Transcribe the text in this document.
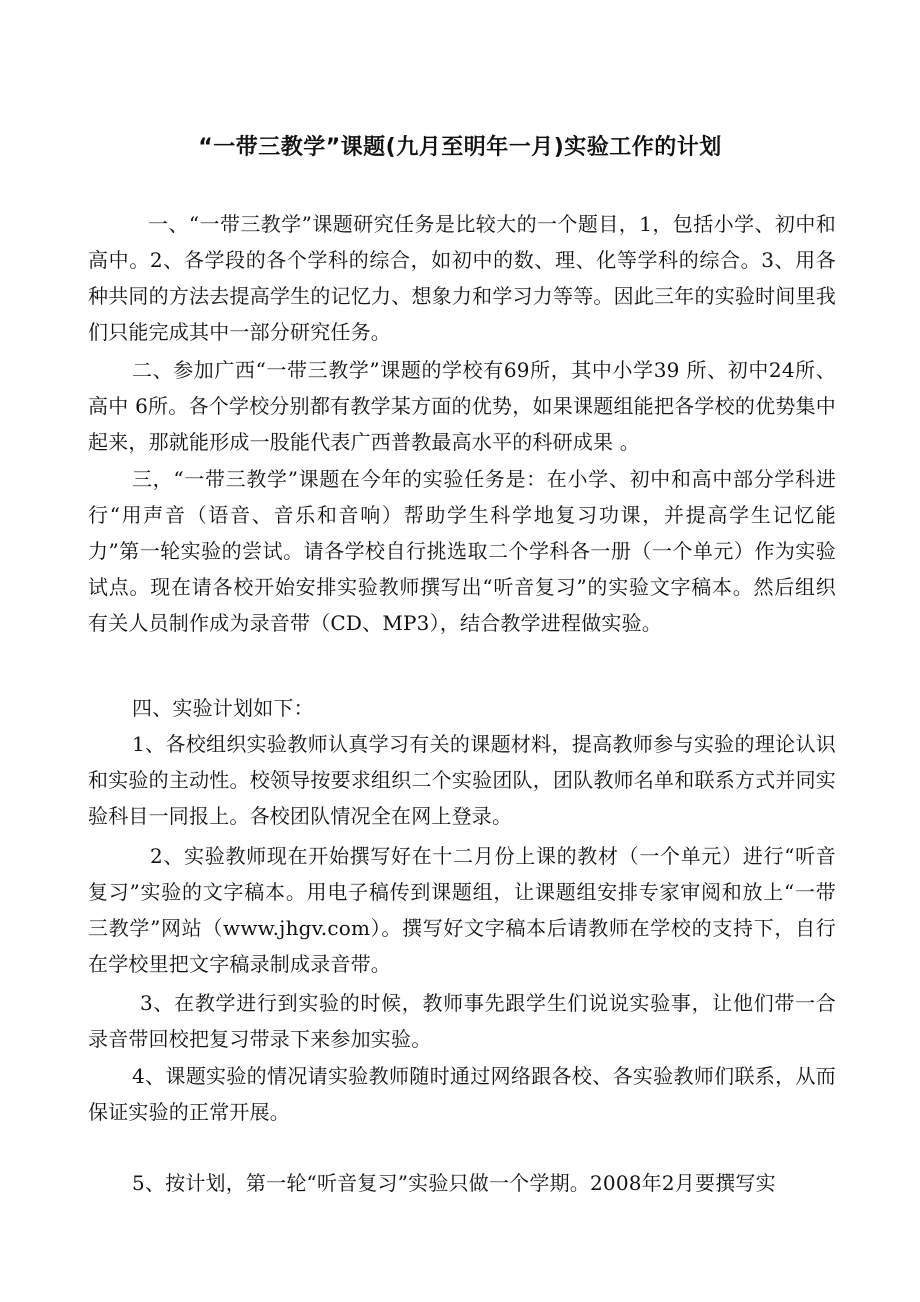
“一带三教学”课题(九月至明年一月)实验工作的计划

一、“一带三教学”课题研究任务是比较大的一个题目，1，包括小学、初中和高中。2、各学段的各个学科的综合，如初中的数、理、化等学科的综合。3、用各种共同的方法去提高学生的记忆力、想象力和学习力等等。因此三年的实验时间里我们只能完成其中一部分研究任务。

二、参加广西“一带三教学”课题的学校有69所，其中小学39 所、初中24所、高中 6所。各个学校分别都有教学某方面的优势，如果课题组能把各学校的优势集中起来，那就能形成一股能代表广西普教最高水平的科研成果 。

三，“一带三教学”课题在今年的实验任务是：在小学、初中和高中部分学科进行“用声音（语音、音乐和音响）帮助学生科学地复习功课，并提高学生记忆能力”第一轮实验的尝试。请各学校自行挑选取二个学科各一册（一个单元）作为实验试点。现在请各校开始安排实验教师撰写出“听音复习”的实验文字稿本。然后组织有关人员制作成为录音带（CD、MP3），结合教学进程做实验。

四、实验计划如下：

1、各校组织实验教师认真学习有关的课题材料，提高教师参与实验的理论认识和实验的主动性。校领导按要求组织二个实验团队，团队教师名单和联系方式并同实验科目一同报上。各校团队情况全在网上登录。

2、实验教师现在开始撰写好在十二月份上课的教材（一个单元）进行“听音复习”实验的文字稿本。用电子稿传到课题组，让课题组安排专家审阅和放上“一带三教学”网站（www.jhgv.com）。撰写好文字稿本后请教师在学校的支持下，自行在学校里把文字稿录制成录音带。

3、在教学进行到实验的时候，教师事先跟学生们说说实验事，让他们带一合录音带回校把复习带录下来参加实验。

4、课题实验的情况请实验教师随时通过网络跟各校、各实验教师们联系，从而保证实验的正常开展。

5、按计划，第一轮“听音复习”实验只做一个学期。2008年2月要撰写实
